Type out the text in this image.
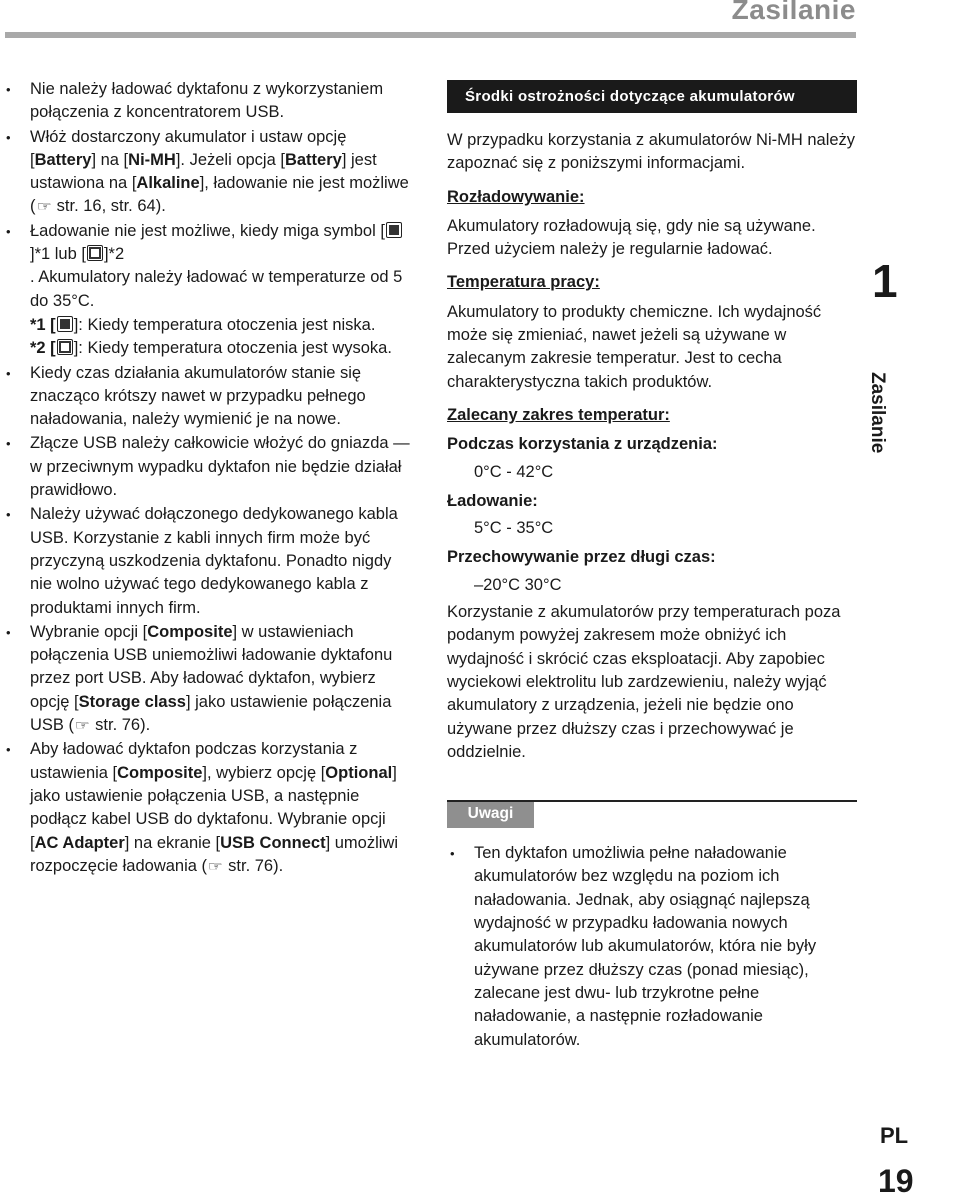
Zasilanie
• Nie należy ładować dyktafonu z wykorzystaniem połączenia z koncentratorem USB.
• Włóż dostarczony akumulator i ustaw opcję [Battery] na [Ni-MH]. Jeżeli opcja [Battery] jest ustawiona na [Alkaline], ładowanie nie jest możliwe (☞ str. 16, str. 64).
• Ładowanie nie jest możliwe, kiedy miga symbol []*1 lub [ ]*2
. Akumulatory należy ładować w temperaturze od 5 do 35°C.
*1 [ ]: Kiedy temperatura otoczenia jest niska.
*2 [ ]: Kiedy temperatura otoczenia jest wysoka.
• Kiedy czas działania akumulatorów stanie się znacząco krótszy nawet w przypadku pełnego naładowania, należy wymienić je na nowe.
• Złącze USB należy całkowicie włożyć do gniazda — w przeciwnym wypadku dyktafon nie będzie działał prawidłowo.
• Należy używać dołączonego dedykowanego kabla USB. Korzystanie z kabli innych firm może być przyczyną uszkodzenia dyktafonu. Ponadto nigdy nie wolno używać tego dedykowanego kabla z produktami innych firm.
• Wybranie opcji [Composite] w ustawieniach połączenia USB uniemożliwi ładowanie dyktafonu przez port USB. Aby ładować dyktafon, wybierz opcję [Storage class] jako ustawienie połączenia USB (☞ str. 76).
• Aby ładować dyktafon podczas korzystania z ustawienia [Composite], wybierz opcję [Optional] jako ustawienie połączenia USB, a następnie podłącz kabel USB do dyktafonu. Wybranie opcji [AC Adapter] na ekranie [USB Connect] umożliwi rozpoczęcie ładowania (☞ str. 76).
Środki ostrożności dotyczące akumulatorów
W przypadku korzystania z akumulatorów Ni-MH należy zapoznać się z poniższymi informacjami.
Rozładowywanie:
Akumulatory rozładowują się, gdy nie są używane. Przed użyciem należy je regularnie ładować.
Temperatura pracy:
Akumulatory to produkty chemiczne. Ich wydajność może się zmieniać, nawet jeżeli są używane w zalecanym zakresie temperatur. Jest to cecha charakterystyczna takich produktów.
Zalecany zakres temperatur:
Podczas korzystania z urządzenia:
0°C - 42°C
Ładowanie:
5°C - 35°C
Przechowywanie przez długi czas:
–20°C 30°C
Korzystanie z akumulatorów przy temperaturach poza podanym powyżej zakresem może obniżyć ich wydajność i skrócić czas eksploatacji. Aby zapobiec wyciekowi elektrolitu lub zardzewieniu, należy wyjąć akumulatory z urządzenia, jeżeli nie będzie ono używane przez dłuższy czas i przechowywać je oddzielnie.
Uwagi
• Ten dyktafon umożliwia pełne naładowanie akumulatorów bez względu na poziom ich naładowania. Jednak, aby osiągnąć najlepszą wydajność w przypadku ładowania nowych akumulatorów lub akumulatorów, która nie były używane przez dłuższy czas (ponad miesiąc), zalecane jest dwu- lub trzykrotne pełne naładowanie, a następnie rozładowanie akumulatorów.
1
Zasilanie
PL
19
